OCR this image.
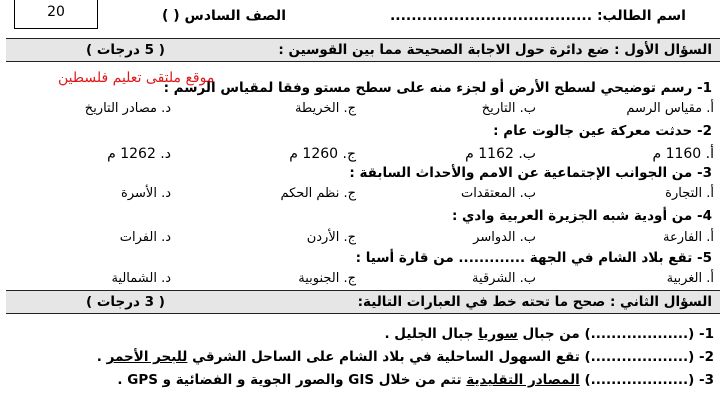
20	اسم الطالب: ......................................
الصف السادس ( )
السؤال الأول : ضع دائرة حول الاجابة الصحيحة مما بين القوسين :
( 5 درجات )
موقع ملتقى تعليم فلسطين
1- رسم توضيحي لسطح الأرض أو لجزء منه على سطح مستو وفقا لمقياس الرسم :
أ. مقياس الرسم
ب. التاريخ
ج. الخريطة
د. مصادر التاريخ
2- حدثت معركة عين جالوت عام :
أ. 1160 م
ب. 1162 م
ج. 1260 م
د. 1262 م
3- من الجوانب الإجتماعية عن الامم والأحداث السابقة :
أ. التجارة
ب. المعتقدات
ج. نظم الحكم
د. الأسرة
4- من أودية شبه الجزيرة العربية وادي :
أ. الفارعة
ب. الدواسر
ج. الأردن
د. الفرات
5- تقع بلاد الشام في الجهة ............. من قارة أسيا :
أ. الغربية
ب. الشرقية
ج. الجنوبية
د. الشمالية
السؤال الثاني : صحح ما تحته خط في العبارات التالية:
( 3 درجات )
1- (...................) من جبال سوريا جبال الجليل .
2- (...................) تقع السهول الساحلية في بلاد الشام على الساحل الشرقي للبحر الأحمر .
3- (...................) المصادر التقليدية تتم من خلال GIS والصور الجوية و الفضائية و GPS .
